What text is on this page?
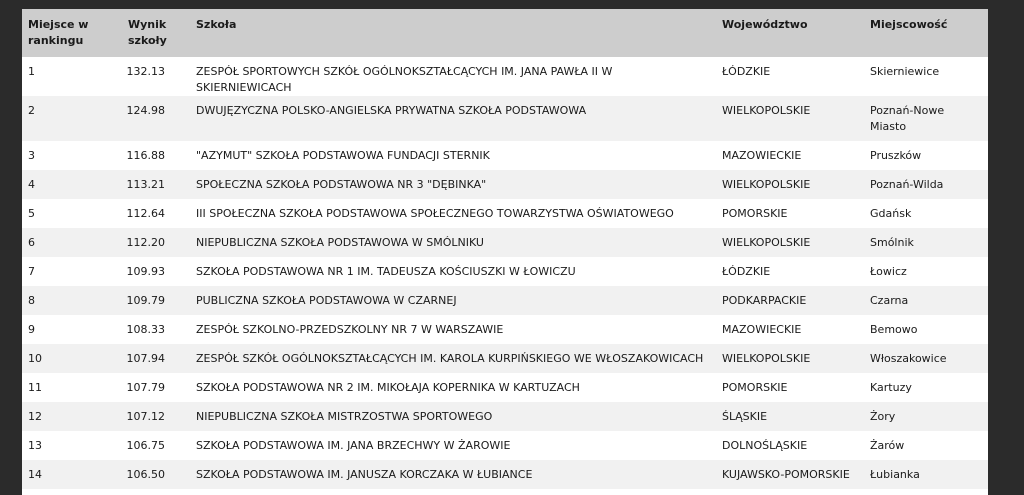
Miejsce w rankingu	Wynik szkoły	Szkoła	Województwo	Miejscowość
1	132.13	ZESPÓŁ SPORTOWYCH SZKÓŁ OGÓLNOKSZTAŁCĄCYCH IM. JANA PAWŁA II W SKIERNIEWICACH	ŁÓDZKIE	Skierniewice
2	124.98	DWUJĘZYCZNA POLSKO-ANGIELSKA PRYWATNA SZKOŁA PODSTAWOWA	WIELKOPOLSKIE	Poznań-Nowe Miasto
3	116.88	"AZYMUT" SZKOŁA PODSTAWOWA FUNDACJI STERNIK	MAZOWIECKIE	Pruszków
4	113.21	SPOŁECZNA SZKOŁA PODSTAWOWA NR 3 "DĘBINKA"	WIELKOPOLSKIE	Poznań-Wilda
5	112.64	III SPOŁECZNA SZKOŁA PODSTAWOWA SPOŁECZNEGO TOWARZYSTWA OŚWIATOWEGO	POMORSKIE	Gdańsk
6	112.20	NIEPUBLICZNA SZKOŁA PODSTAWOWA W SMÓLNIKU	WIELKOPOLSKIE	Smólnik
7	109.93	SZKOŁA PODSTAWOWA NR 1 IM. TADEUSZA KOŚCIUSZKI W ŁOWICZU	ŁÓDZKIE	Łowicz
8	109.79	PUBLICZNA SZKOŁA PODSTAWOWA W CZARNEJ	PODKARPACKIE	Czarna
9	108.33	ZESPÓŁ SZKOLNO-PRZEDSZKOLNY NR 7 W WARSZAWIE	MAZOWIECKIE	Bemowo
10	107.94	ZESPÓŁ SZKÓŁ OGÓLNOKSZTAŁCĄCYCH IM. KAROLA KURPIŃSKIEGO WE WŁOSZAKOWICACH	WIELKOPOLSKIE	Włoszakowice
11	107.79	SZKOŁA PODSTAWOWA NR 2 IM. MIKOŁAJA KOPERNIKA W KARTUZACH	POMORSKIE	Kartuzy
12	107.12	NIEPUBLICZNA SZKOŁA MISTRZOSTWA SPORTOWEGO	ŚLĄSKIE	Żory
13	106.75	SZKOŁA PODSTAWOWA IM. JANA BRZECHWY W ŻAROWIE	DOLNOŚLĄSKIE	Żarów
14	106.50	SZKOŁA PODSTAWOWA IM. JANUSZA KORCZAKA W ŁUBIANCE	KUJAWSKO-POMORSKIE	Łubianka
